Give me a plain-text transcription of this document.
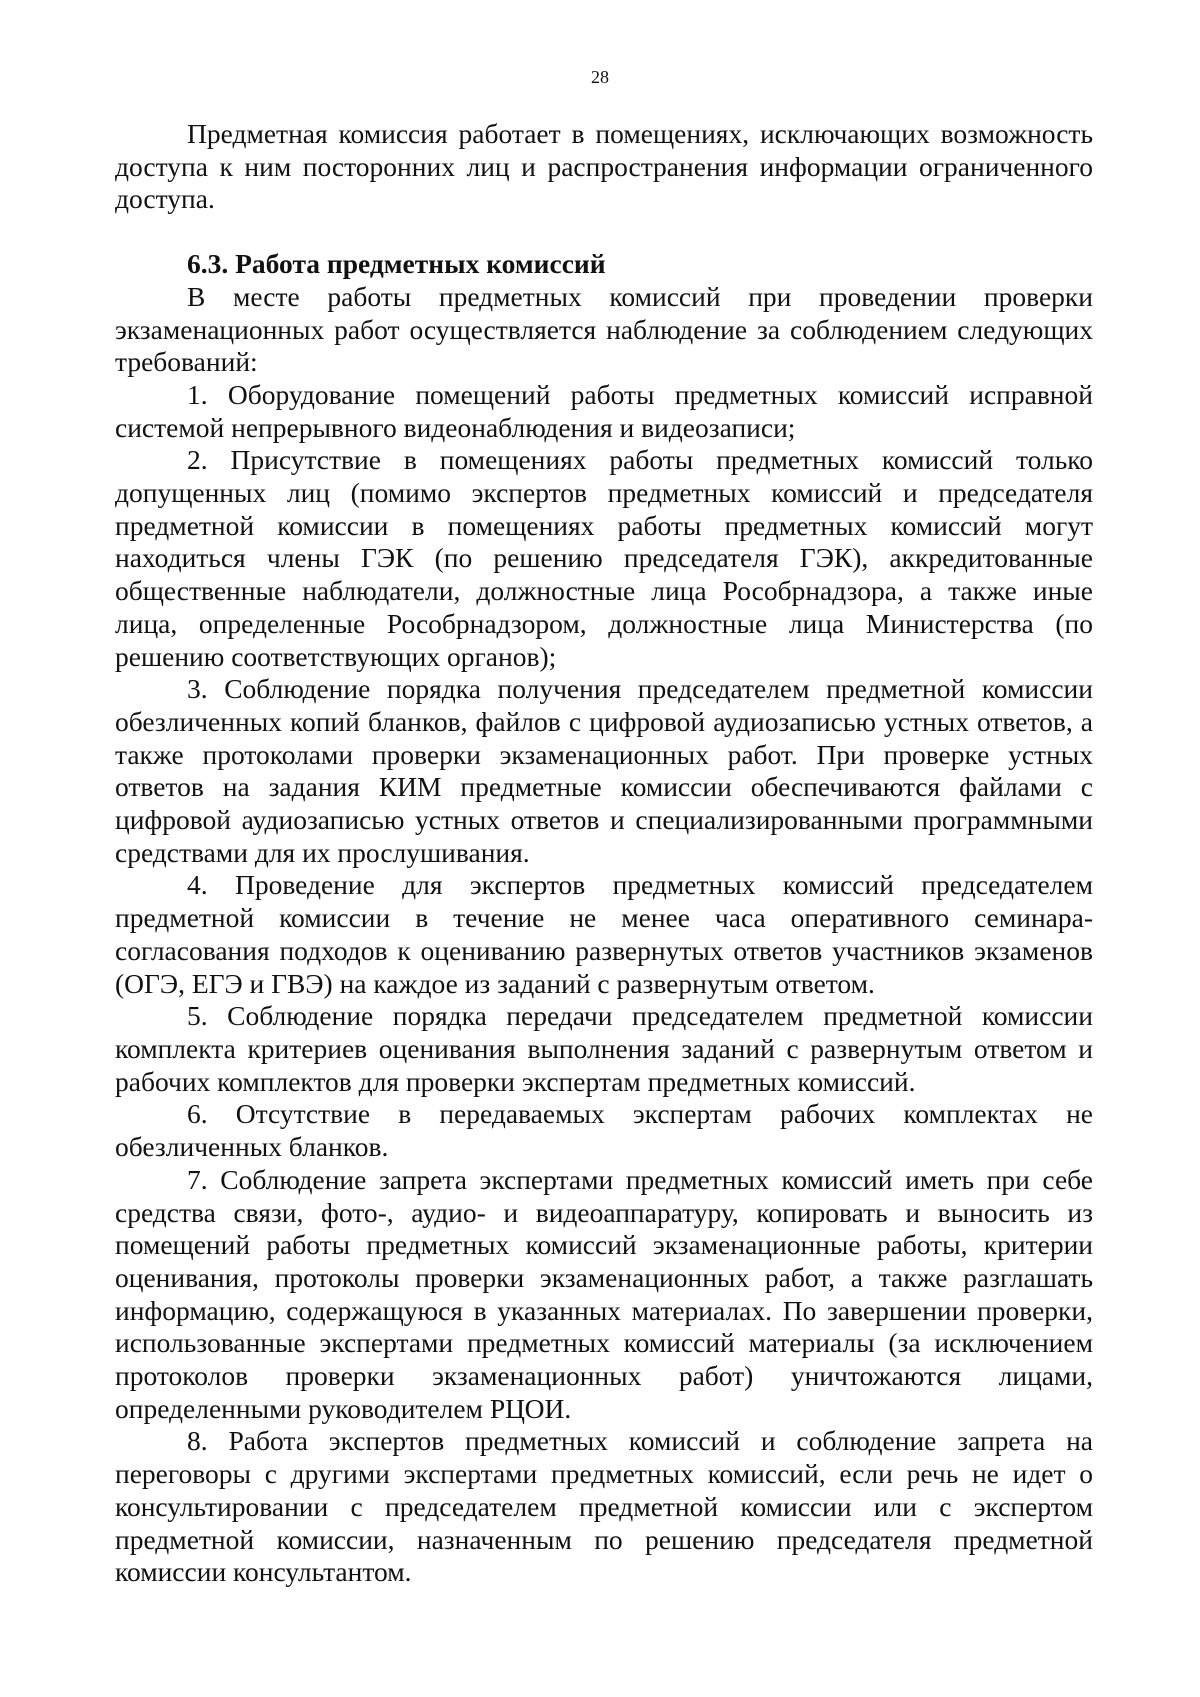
28

Предметная комиссия работает в помещениях, исключающих возможность доступа к ним посторонних лиц и распространения информации ограниченного доступа.

6.3. Работа предметных комиссий

В месте работы предметных комиссий при проведении проверки экзаменационных работ осуществляется наблюдение за соблюдением следующих требований:

1. Оборудование помещений работы предметных комиссий исправной системой непрерывного видеонаблюдения и видеозаписи;

2. Присутствие в помещениях работы предметных комиссий только допущенных лиц (помимо экспертов предметных комиссий и председателя предметной комиссии в помещениях работы предметных комиссий могут находиться члены ГЭК (по решению председателя ГЭК), аккредитованные общественные наблюдатели, должностные лица Рособрнадзора, а также иные лица, определенные Рособрнадзором, должностные лица Министерства (по решению соответствующих органов);

3. Соблюдение порядка получения председателем предметной комиссии обезличенных копий бланков, файлов с цифровой аудиозаписью устных ответов, а также протоколами проверки экзаменационных работ. При проверке устных ответов на задания КИМ предметные комиссии обеспечиваются файлами с цифровой аудиозаписью устных ответов и специализированными программными средствами для их прослушивания.

4. Проведение для экспертов предметных комиссий председателем предметной комиссии в течение не менее часа оперативного семинара-согласования подходов к оцениванию развернутых ответов участников экзаменов (ОГЭ, ЕГЭ и ГВЭ) на каждое из заданий с развернутым ответом.

5. Соблюдение порядка передачи председателем предметной комиссии комплекта критериев оценивания выполнения заданий с развернутым ответом и рабочих комплектов для проверки экспертам предметных комиссий.

6. Отсутствие в передаваемых экспертам рабочих комплектах не обезличенных бланков.

7. Соблюдение запрета экспертами предметных комиссий иметь при себе средства связи, фото-, аудио- и видеоаппаратуру, копировать и выносить из помещений работы предметных комиссий экзаменационные работы, критерии оценивания, протоколы проверки экзаменационных работ, а также разглашать информацию, содержащуюся в указанных материалах. По завершении проверки, использованные экспертами предметных комиссий материалы (за исключением протоколов проверки экзаменационных работ) уничтожаются лицами, определенными руководителем РЦОИ.

8. Работа экспертов предметных комиссий и соблюдение запрета на переговоры с другими экспертами предметных комиссий, если речь не идет о консультировании с председателем предметной комиссии или с экспертом предметной комиссии, назначенным по решению председателя предметной комиссии консультантом.
